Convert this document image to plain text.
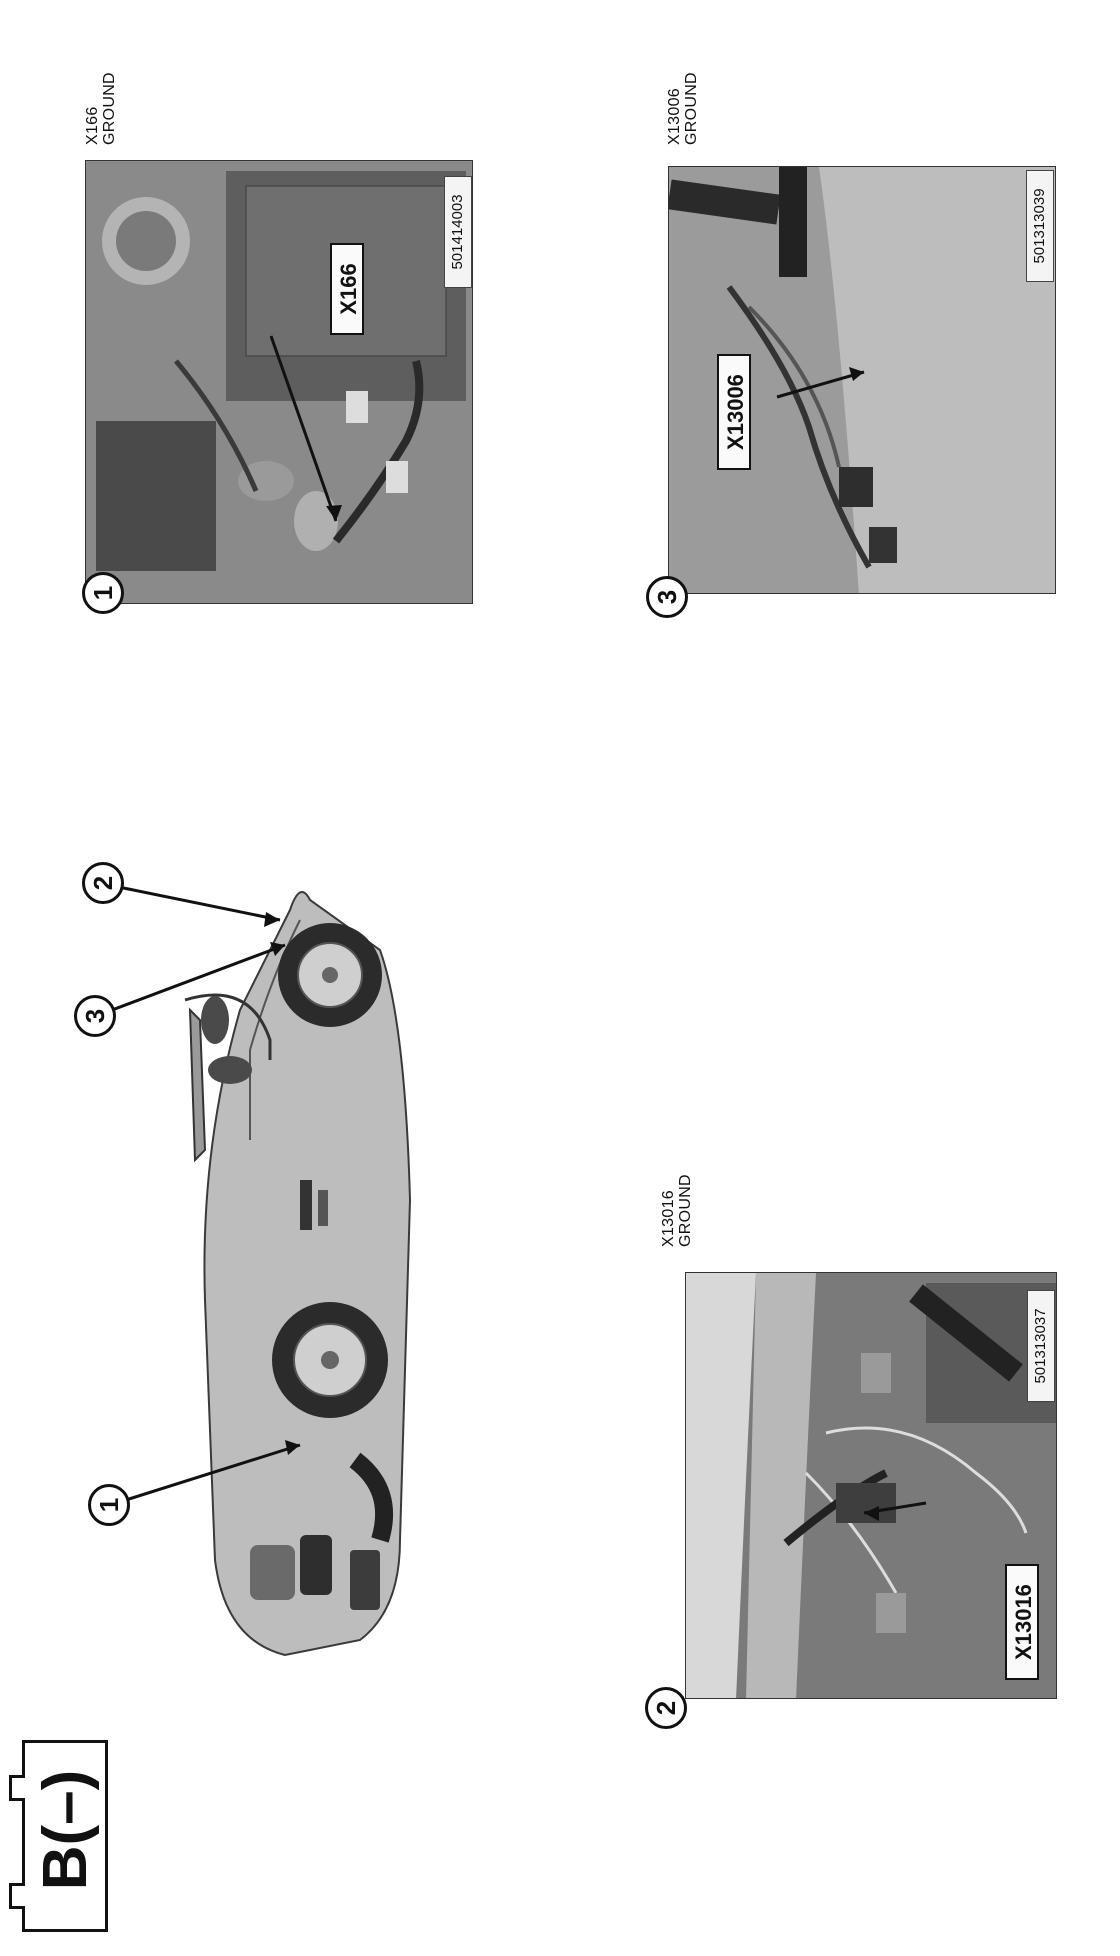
B(–)
1
3
2
X166
GROUND
X166
501414003
1
X13006
GROUND
X13006
501313039
3
X13016
GROUND
X13016
501313037
2
